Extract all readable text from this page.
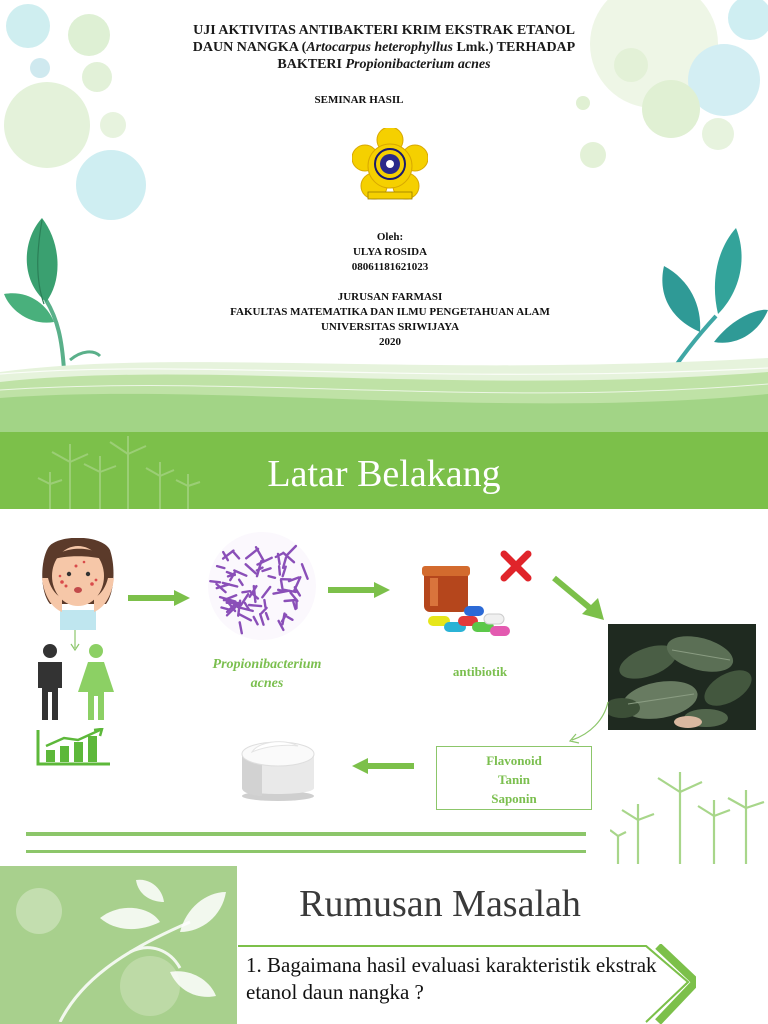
UJI AKTIVITAS ANTIBAKTERI KRIM EKSTRAK ETANOL
DAUN NANGKA (Artocarpus heterophyllus Lmk.) TERHADAP
BAKTERI Propionibacterium acnes
SEMINAR HASIL
Oleh:
ULYA ROSIDA
08061181621023
JURUSAN FARMASI
FAKULTAS MATEMATIKA DAN ILMU PENGETAHUAN ALAM
UNIVERSITAS SRIWIJAYA
2020
Latar Belakang
Propionibacterium acnes
antibiotik
Flavonoid
Tanin
Saponin
Rumusan Masalah
1. Bagaimana hasil evaluasi karakteristik ekstrak etanol daun nangka ?
